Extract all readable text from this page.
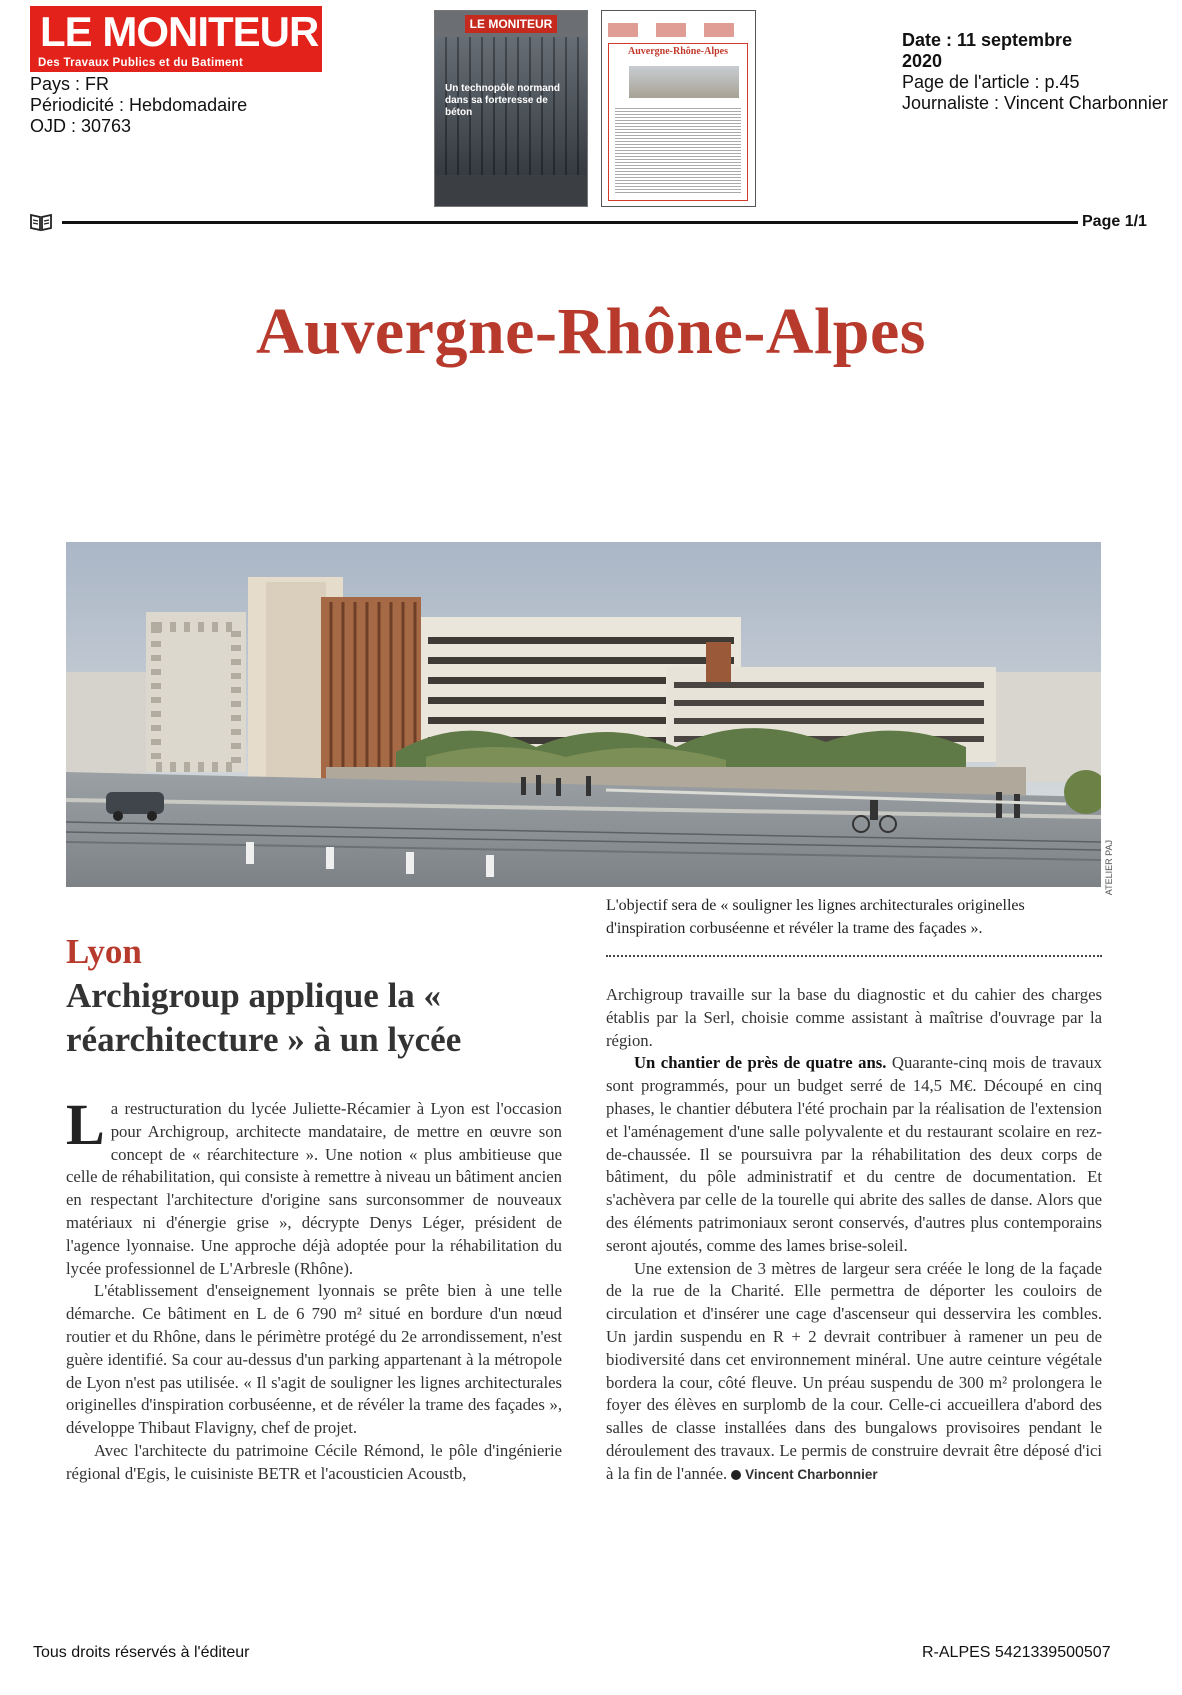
LE MONITEUR
Des Travaux Publics et du Batiment
Pays : FR
Périodicité : Hebdomadaire
OJD : 30763
LE MONITEUR
Un technopôle normand dans sa forteresse de béton
Auvergne-Rhône-Alpes
Date : 11 septembre
2020
Page de l'article : p.45
Journaliste : Vincent Charbonnier
Page 1/1
Auvergne-Rhône-Alpes
ATELIER PAJ
L'objectif sera de « souligner les lignes architecturales originelles d'inspiration corbuséenne et révéler la trame des façades ».
Lyon
Archigroup applique la « réarchitecture » à un lycée

La restructuration du lycée Juliette-Récamier à Lyon est l'occasion pour Archigroup, architecte mandataire, de mettre en œuvre son concept de « réarchitecture ». Une notion « plus ambitieuse que celle de réhabilitation, qui consiste à remettre à niveau un bâtiment ancien en respectant l'architecture d'origine sans surconsommer de nouveaux matériaux ni d'énergie grise », décrypte Denys Léger, président de l'agence lyonnaise. Une approche déjà adoptée pour la réhabilitation du lycée professionnel de L'Arbresle (Rhône).

L'établissement d'enseignement lyonnais se prête bien à une telle démarche. Ce bâtiment en L de 6 790 m² situé en bordure d'un nœud routier et du Rhône, dans le périmètre protégé du 2e arrondissement, n'est guère identifié. Sa cour au-dessus d'un parking appartenant à la métropole de Lyon n'est pas utilisée. « Il s'agit de souligner les lignes architecturales originelles d'inspiration corbuséenne, et de révéler la trame des façades », développe Thibaut Flavigny, chef de projet.

Avec l'architecte du patrimoine Cécile Rémond, le pôle d'ingénierie régional d'Egis, le cuisiniste BETR et l'acousticien Acoustb,

Archigroup travaille sur la base du diagnostic et du cahier des charges établis par la Serl, choisie comme assistant à maîtrise d'ouvrage par la région.

Un chantier de près de quatre ans. Quarante-cinq mois de travaux sont programmés, pour un budget serré de 14,5 M€. Découpé en cinq phases, le chantier débutera l'été prochain par la réalisation de l'extension et l'aménagement d'une salle polyvalente et du restaurant scolaire en rez-de-chaussée. Il se poursuivra par la réhabilitation des deux corps de bâtiment, du pôle administratif et du centre de documentation. Et s'achèvera par celle de la tourelle qui abrite des salles de danse. Alors que des éléments patrimoniaux seront conservés, d'autres plus contemporains seront ajoutés, comme des lames brise-soleil.

Une extension de 3 mètres de largeur sera créée le long de la façade de la rue de la Charité. Elle permettra de déporter les couloirs de circulation et d'insérer une cage d'ascenseur qui desservira les combles. Un jardin suspendu en R + 2 devrait contribuer à ramener un peu de biodiversité dans cet environnement minéral. Une autre ceinture végétale bordera la cour, côté fleuve. Un préau suspendu de 300 m² prolongera le foyer des élèves en surplomb de la cour. Celle-ci accueillera d'abord des salles de classe installées dans des bungalows provisoires pendant le déroulement des travaux. Le permis de construire devrait être déposé d'ici à la fin de l'année. Vincent Charbonnier

Tous droits réservés à l'éditeur	R-ALPES 5421339500507
